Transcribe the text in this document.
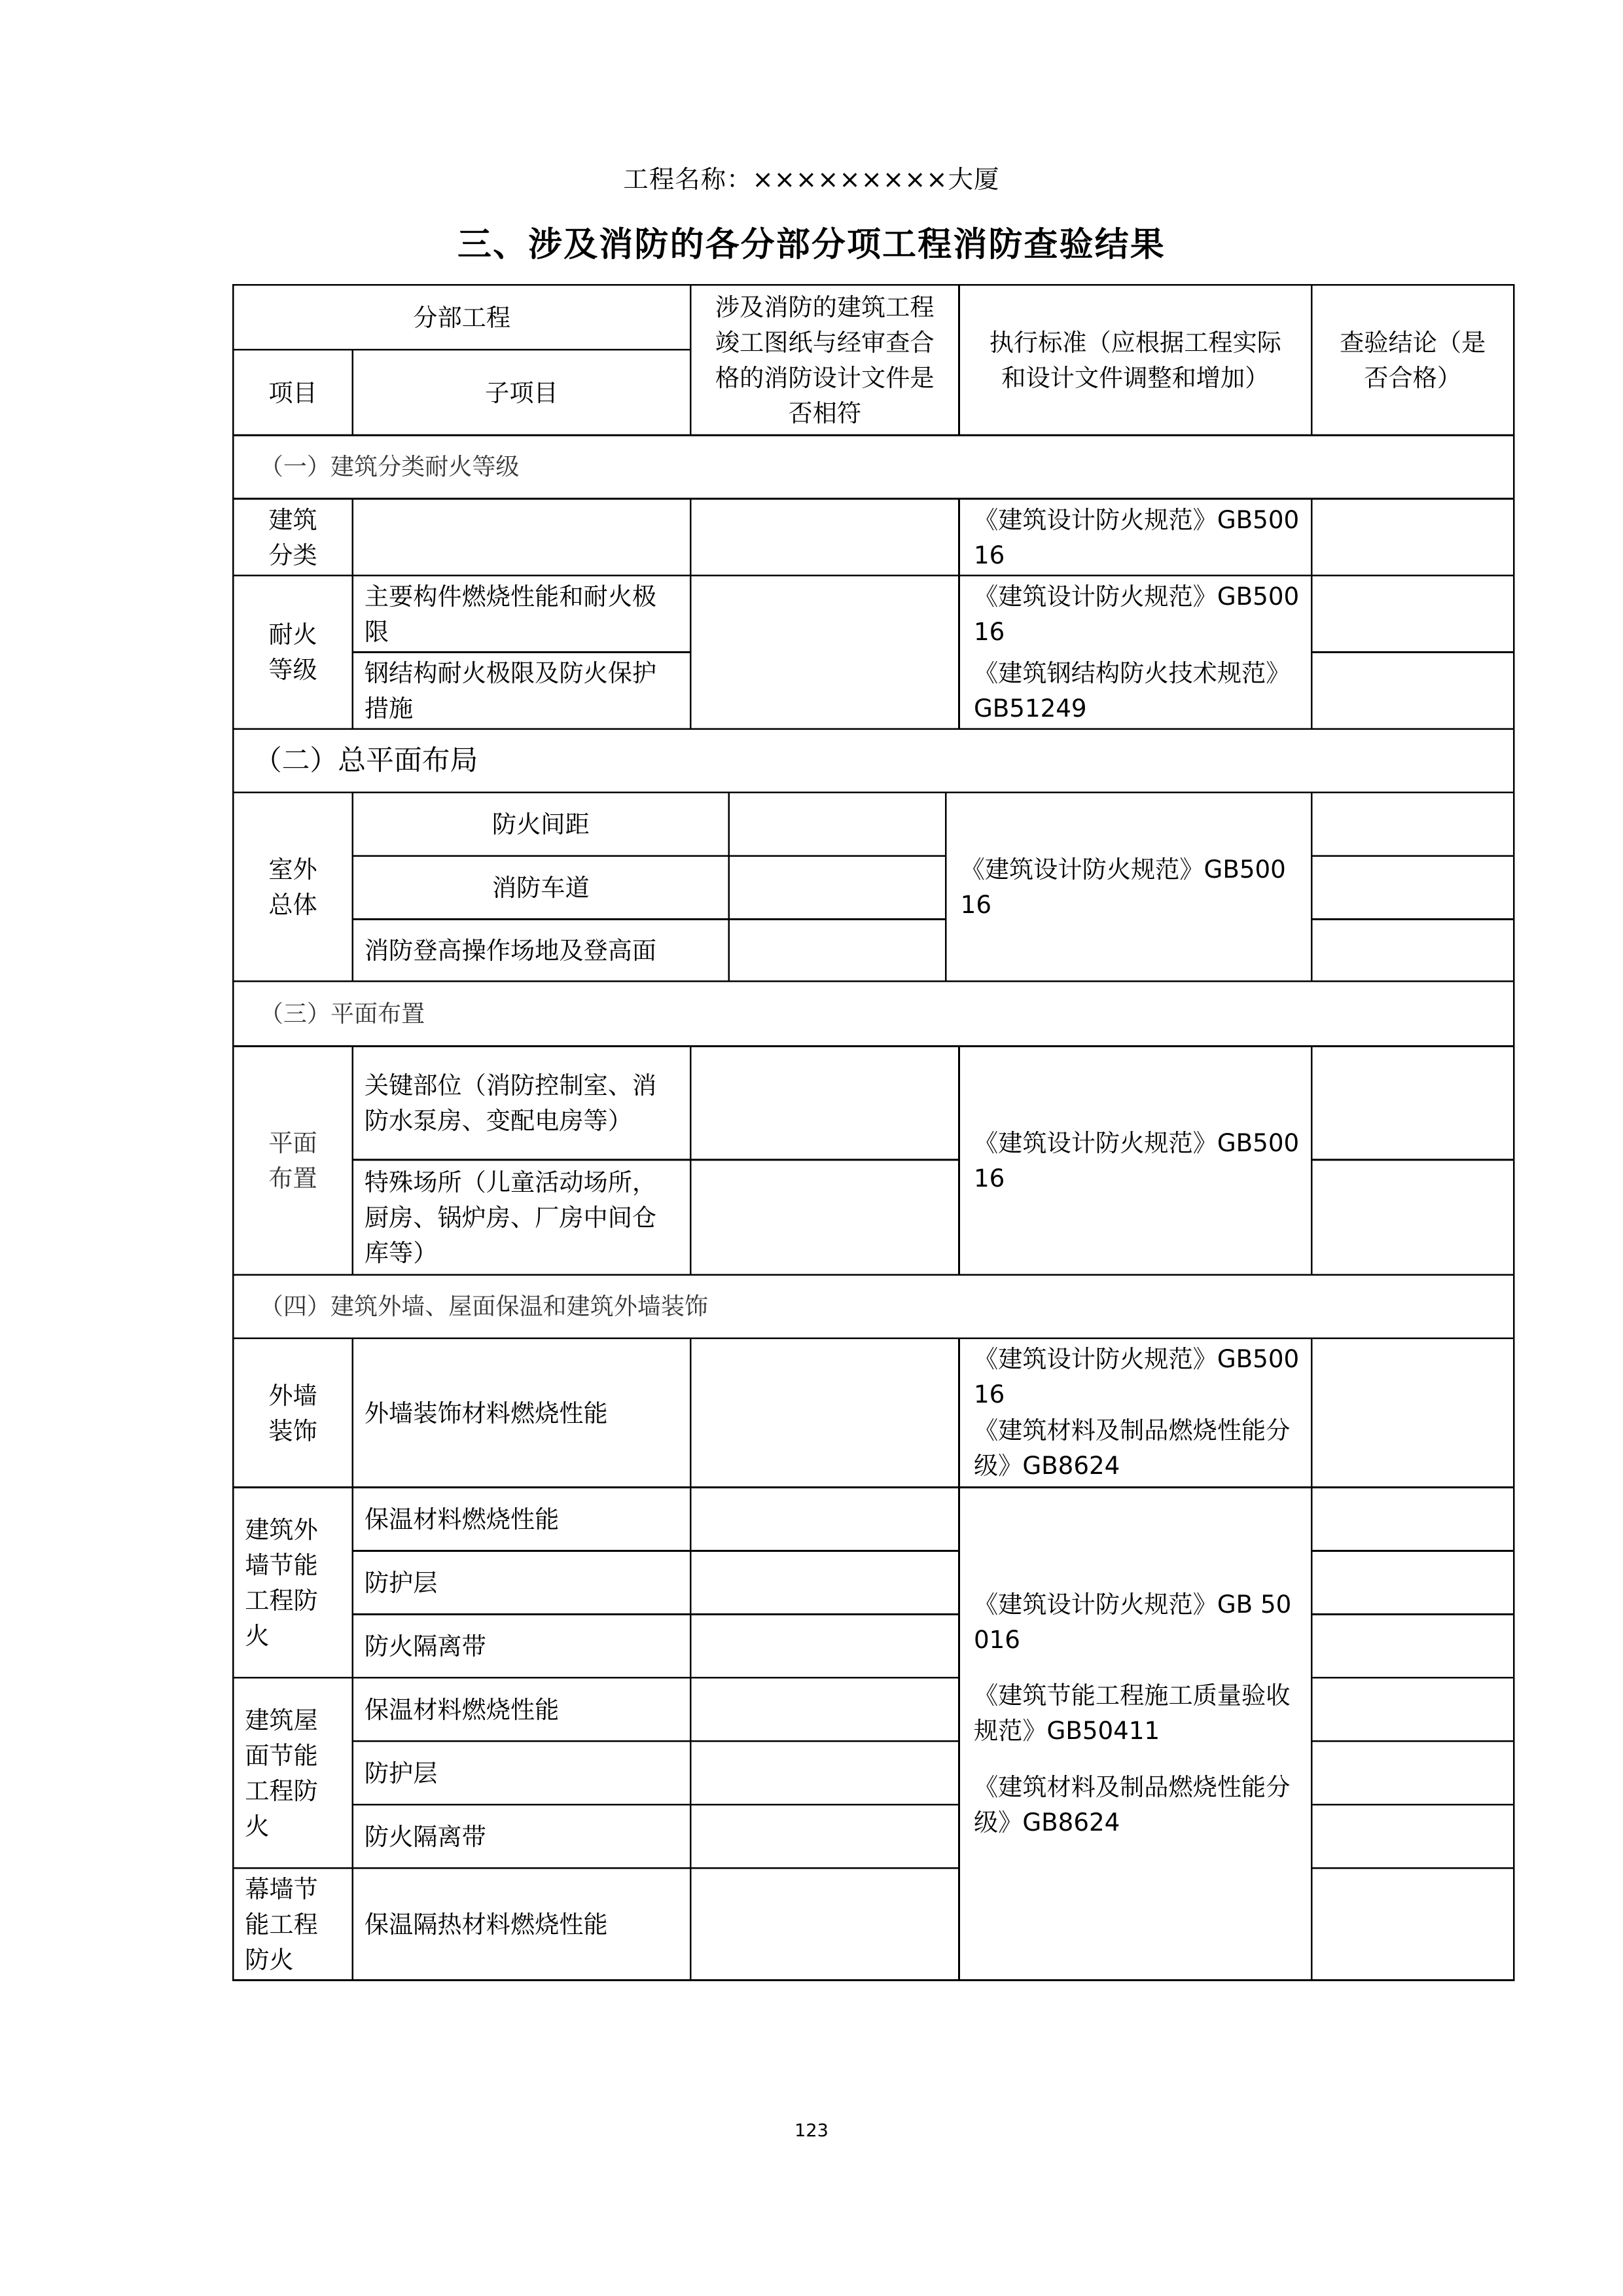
工程名称：×××××××××大厦
三、涉及消防的各分部分项工程消防查验结果
分部工程
项目	子项目
涉及消防的建筑工程竣工图纸与经审查合格的消防设计文件是否相符
执行标准（应根据工程实际和设计文件调整和增加）
查验结论（是否合格）
（一）建筑分类耐火等级
建筑分类
《建筑设计防火规范》GB50016
耐火等级
主要构件燃烧性能和耐火极限
钢结构耐火极限及防火保护措施
《建筑设计防火规范》GB50016
《建筑钢结构防火技术规范》GB51249
（二）总平面布局
室外总体
防火间距
消防车道
消防登高操作场地及登高面
《建筑设计防火规范》GB50016
（三）平面布置
平面布置
关键部位（消防控制室、消防水泵房、变配电房等）
特殊场所（儿童活动场所，厨房、锅炉房、厂房中间仓库等）
《建筑设计防火规范》GB50016
（四）建筑外墙、屋面保温和建筑外墙装饰
外墙装饰
外墙装饰材料燃烧性能
《建筑设计防火规范》GB50016
《建筑材料及制品燃烧性能分级》GB8624
建筑外墙节能工程防火
保温材料燃烧性能
防护层
防火隔离带
建筑屋面节能工程防火
保温材料燃烧性能
防护层
防火隔离带
幕墙节能工程防火
保温隔热材料燃烧性能
《建筑设计防火规范》GB 50016
《建筑节能工程施工质量验收规范》GB50411
《建筑材料及制品燃烧性能分级》GB8624
123
